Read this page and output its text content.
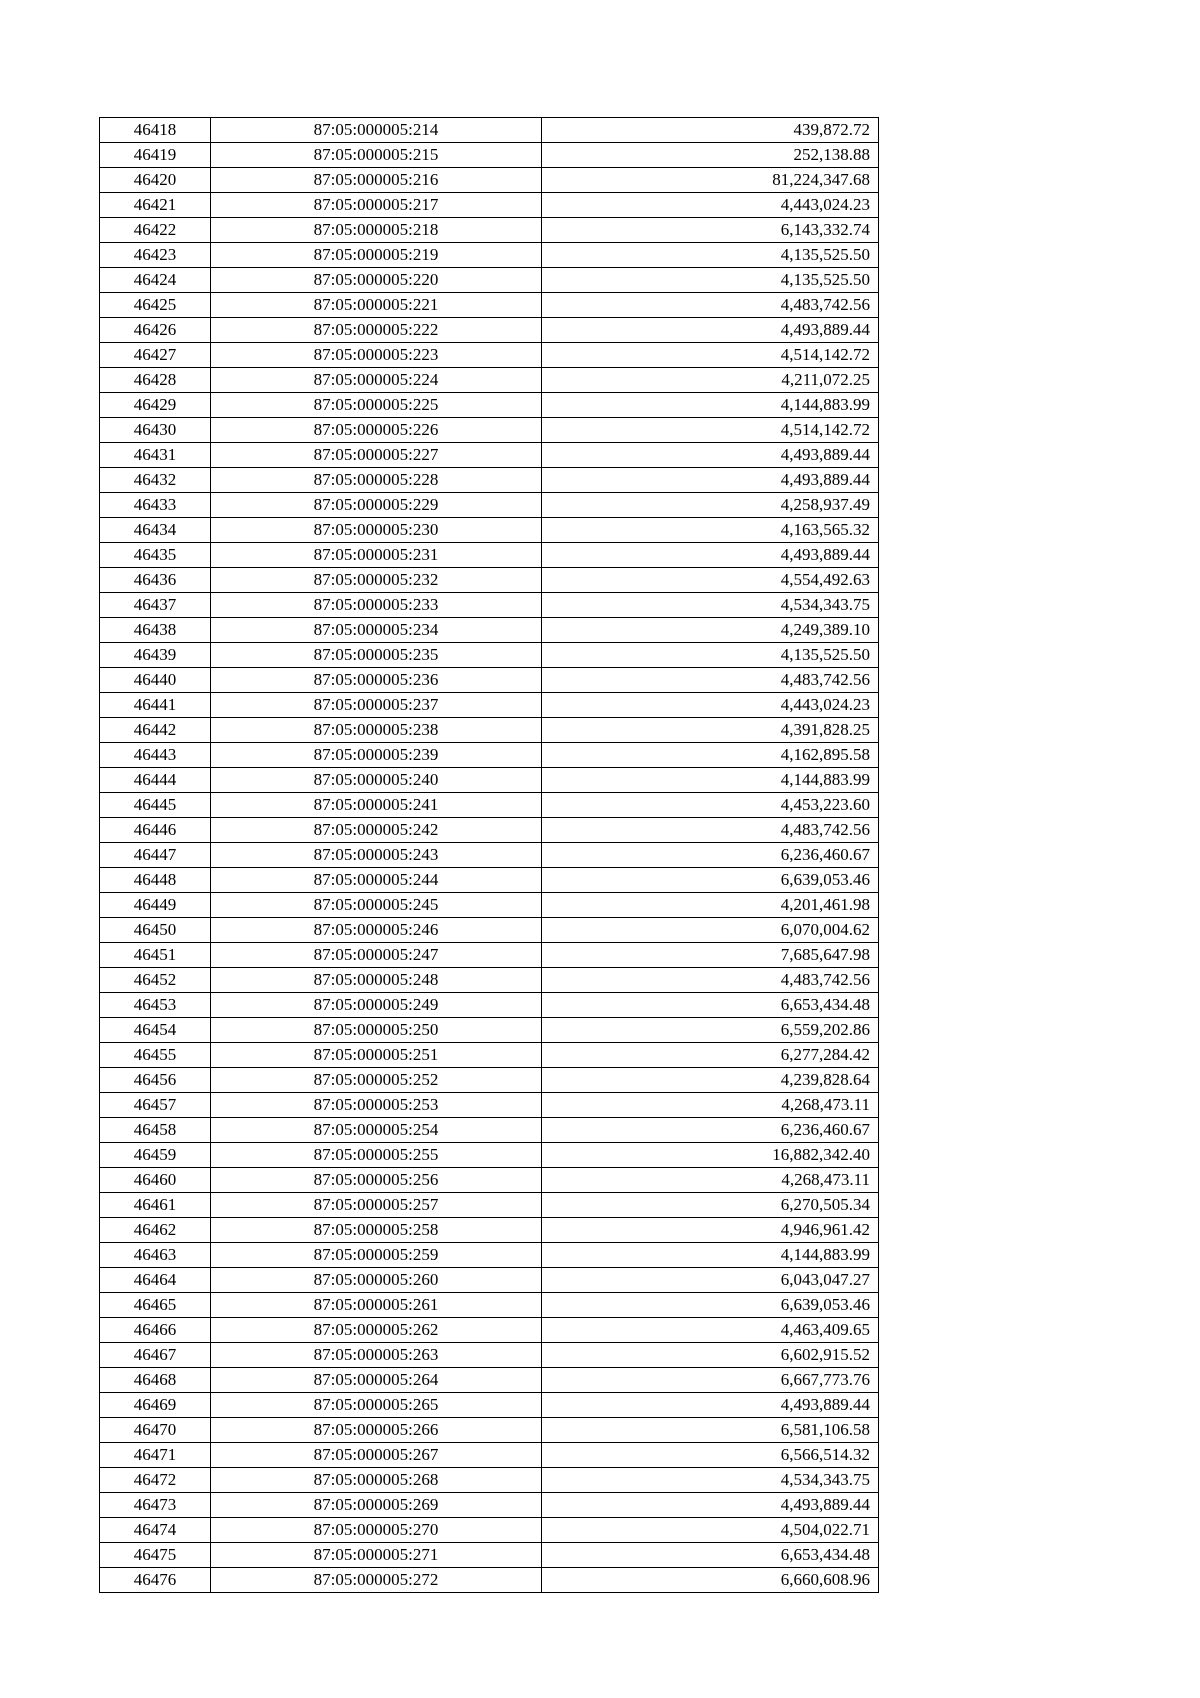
46418	87:05:000005:214	439,872.72
46419	87:05:000005:215	252,138.88
46420	87:05:000005:216	81,224,347.68
46421	87:05:000005:217	4,443,024.23
46422	87:05:000005:218	6,143,332.74
46423	87:05:000005:219	4,135,525.50
46424	87:05:000005:220	4,135,525.50
46425	87:05:000005:221	4,483,742.56
46426	87:05:000005:222	4,493,889.44
46427	87:05:000005:223	4,514,142.72
46428	87:05:000005:224	4,211,072.25
46429	87:05:000005:225	4,144,883.99
46430	87:05:000005:226	4,514,142.72
46431	87:05:000005:227	4,493,889.44
46432	87:05:000005:228	4,493,889.44
46433	87:05:000005:229	4,258,937.49
46434	87:05:000005:230	4,163,565.32
46435	87:05:000005:231	4,493,889.44
46436	87:05:000005:232	4,554,492.63
46437	87:05:000005:233	4,534,343.75
46438	87:05:000005:234	4,249,389.10
46439	87:05:000005:235	4,135,525.50
46440	87:05:000005:236	4,483,742.56
46441	87:05:000005:237	4,443,024.23
46442	87:05:000005:238	4,391,828.25
46443	87:05:000005:239	4,162,895.58
46444	87:05:000005:240	4,144,883.99
46445	87:05:000005:241	4,453,223.60
46446	87:05:000005:242	4,483,742.56
46447	87:05:000005:243	6,236,460.67
46448	87:05:000005:244	6,639,053.46
46449	87:05:000005:245	4,201,461.98
46450	87:05:000005:246	6,070,004.62
46451	87:05:000005:247	7,685,647.98
46452	87:05:000005:248	4,483,742.56
46453	87:05:000005:249	6,653,434.48
46454	87:05:000005:250	6,559,202.86
46455	87:05:000005:251	6,277,284.42
46456	87:05:000005:252	4,239,828.64
46457	87:05:000005:253	4,268,473.11
46458	87:05:000005:254	6,236,460.67
46459	87:05:000005:255	16,882,342.40
46460	87:05:000005:256	4,268,473.11
46461	87:05:000005:257	6,270,505.34
46462	87:05:000005:258	4,946,961.42
46463	87:05:000005:259	4,144,883.99
46464	87:05:000005:260	6,043,047.27
46465	87:05:000005:261	6,639,053.46
46466	87:05:000005:262	4,463,409.65
46467	87:05:000005:263	6,602,915.52
46468	87:05:000005:264	6,667,773.76
46469	87:05:000005:265	4,493,889.44
46470	87:05:000005:266	6,581,106.58
46471	87:05:000005:267	6,566,514.32
46472	87:05:000005:268	4,534,343.75
46473	87:05:000005:269	4,493,889.44
46474	87:05:000005:270	4,504,022.71
46475	87:05:000005:271	6,653,434.48
46476	87:05:000005:272	6,660,608.96
